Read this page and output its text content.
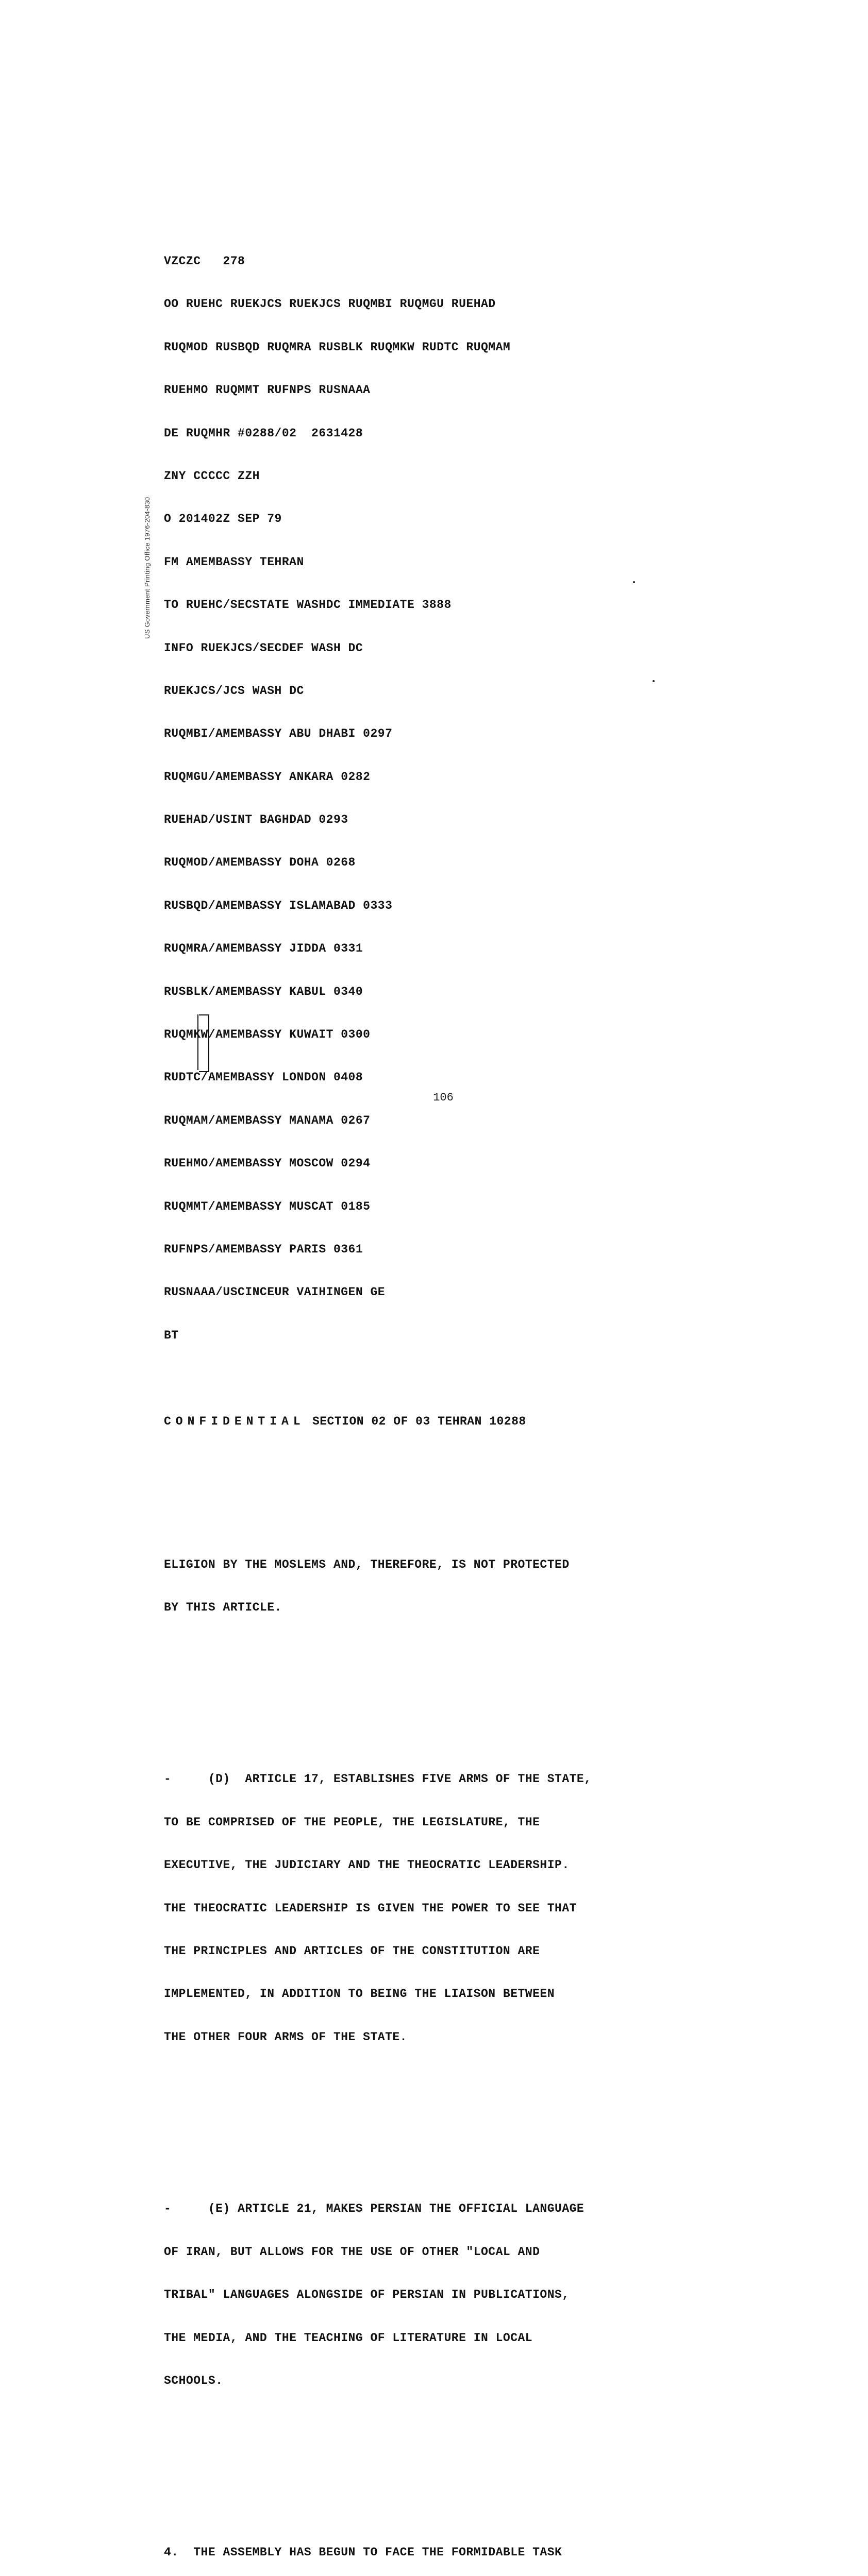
US Government Printing Office 1976-204-830

VZCZC   278

OO RUEHC RUEKJCS RUEKJCS RUQMBI RUQMGU RUEHAD

RUQMOD RUSBQD RUQMRA RUSBLK RUQMKW RUDTC RUQMAM

RUEHMO RUQMMT RUFNPS RUSNAAA

DE RUQMHR #0288/02  2631428

ZNY CCCCC ZZH

O 201402Z SEP 79

FM AMEMBASSY TEHRAN

TO RUEHC/SECSTATE WASHDC IMMEDIATE 3888

INFO RUEKJCS/SECDEF WASH DC

RUEKJCS/JCS WASH DC

RUQMBI/AMEMBASSY ABU DHABI 0297

RUQMGU/AMEMBASSY ANKARA 0282

RUEHAD/USINT BAGHDAD 0293

RUQMOD/AMEMBASSY DOHA 0268

RUSBQD/AMEMBASSY ISLAMABAD 0333

RUQMRA/AMEMBASSY JIDDA 0331

RUSBLK/AMEMBASSY KABUL 0340

RUQMKW/AMEMBASSY KUWAIT 0300

RUDTC/AMEMBASSY LONDON 0408

RUQMAM/AMEMBASSY MANAMA 0267

RUEHMO/AMEMBASSY MOSCOW 0294

RUQMMT/AMEMBASSY MUSCAT 0185

RUFNPS/AMEMBASSY PARIS 0361

RUSNAAA/USCINCEUR VAIHINGEN GE

BT

CONFIDENTIAL SECTION 02 OF 03 TEHRAN 10288

ELIGION BY THE MOSLEMS AND, THEREFORE, IS NOT PROTECTED

BY THIS ARTICLE.

-     (D)  ARTICLE 17, ESTABLISHES FIVE ARMS OF THE STATE,

TO BE COMPRISED OF THE PEOPLE, THE LEGISLATURE, THE

EXECUTIVE, THE JUDICIARY AND THE THEOCRATIC LEADERSHIP.

THE THEOCRATIC LEADERSHIP IS GIVEN THE POWER TO SEE THAT

THE PRINCIPLES AND ARTICLES OF THE CONSTITUTION ARE

IMPLEMENTED, IN ADDITION TO BEING THE LIAISON BETWEEN

THE OTHER FOUR ARMS OF THE STATE.

-     (E) ARTICLE 21, MAKES PERSIAN THE OFFICIAL LANGUAGE

OF IRAN, BUT ALLOWS FOR THE USE OF OTHER "LOCAL AND

TRIBAL" LANGUAGES ALONGSIDE OF PERSIAN IN PUBLICATIONS,

THE MEDIA, AND THE TEACHING OF LITERATURE IN LOCAL

SCHOOLS.

4.  THE ASSEMBLY HAS BEGUN TO FACE THE FORMIDABLE TASK

106
